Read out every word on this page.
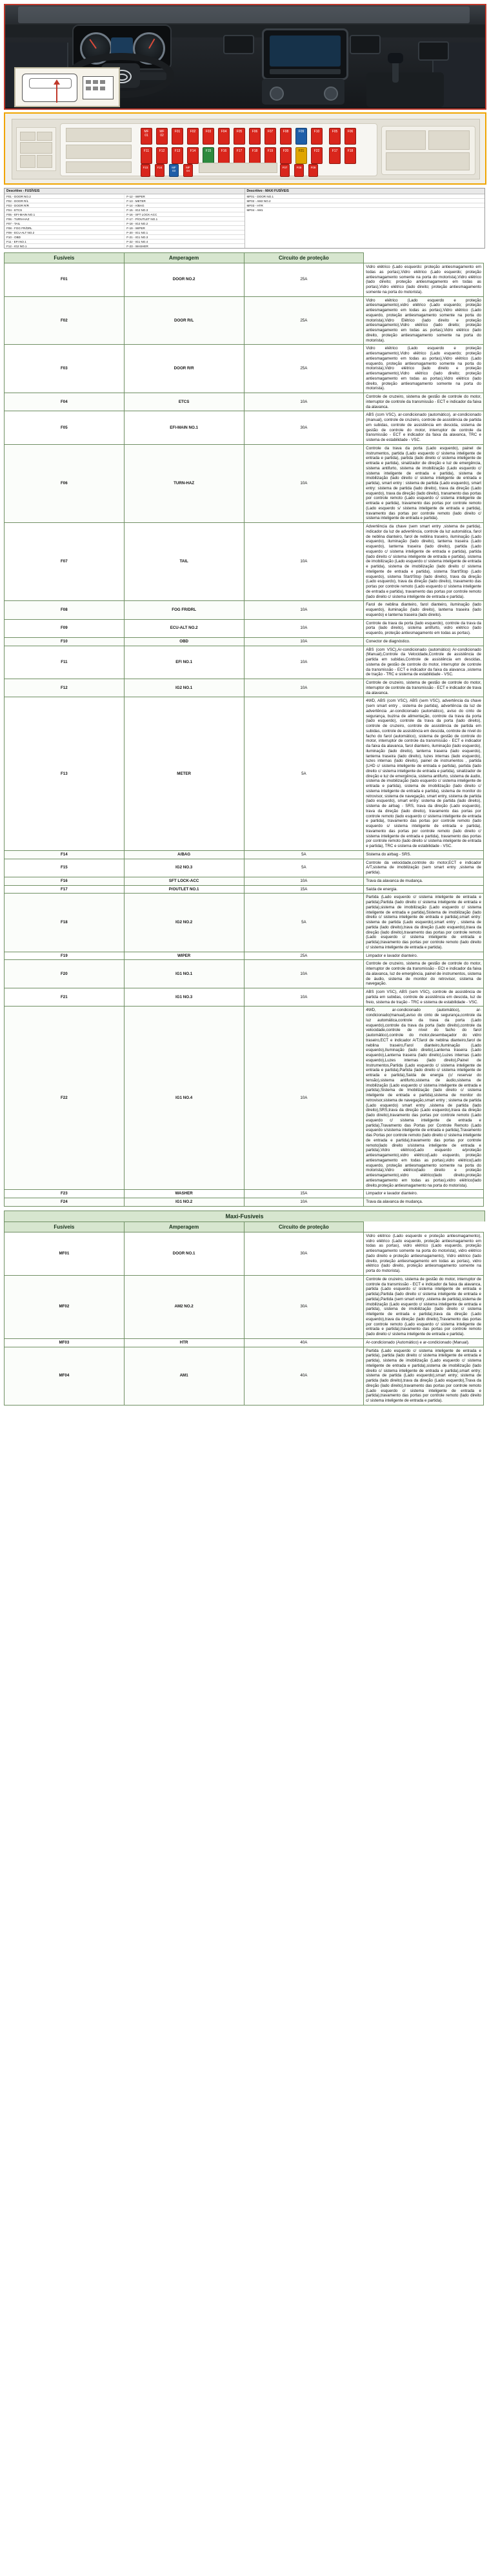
MF
01
MF
02
F01	F02	F03	F04	F05	F06	F07	F08	F09	F10
F11	F12	F13	F14	F15	F16	F17	F18	F19	F20	F21	F22
F23	F24	MF
03
MF
04
F07	F08	F09
F05	F06
F17	F18
Descritivo - FUSÍVEIS
F01 - DOOR NO.2	F-12 - WIPER
F02 - DOOR R/L	F-13 - METER
F03 - DOOR R/R	F-14 - A/BAG
F04 - ETCS	F-15 - IG2 NO.3
F05 - EFI-MAIN NO.1	F-16 - SFT LOCK-ACC
F06 - TURN-HAZ	F-17 - P/OUTLET NO.1
F07 - TAIL	F-18 - IG2 NO.2
F08 - FOG FR/DRL	F-19 - WIPER
F09 - ECU-ALT NO.2	F-20 - IG1 NO.1
F10 - OBD	F-21 - IG1 NO.3
F11 - EFI NO.1	F-22 - IG1 NO.4
F12 - IG2 NO.1	F-23 - WASHER
Descritivo - MAXI FUSÍVEIS
MF01 - DOOR NO.1
MF02 - AM2 NO.2
MF03 - HTR
MF04 - AM1
Fusíveis	Amperagem	Circuito de proteção	
F01	DOOR NO.2	25A	Vidro elétrico (Lado esquerdo: proteção antiesmagamento em todas as portas),Vidro elétrico (Lado esquerdo; proteção antiesmagamento somente na porta do motorista),Vidro elétrico (lado direito; proteção antiesmagamento em todas as portas),Vidro elétrico (lado direito; proteção antiesmagamento somente na porta do motorista).
F02	DOOR R/L	25A	Vidro elétrico (Lado esquerdo e proteção antiesmagamento),vidro elétrico (Lado esquerdo; proteção antiesmagamento em todas as portas),Vidro elétrico (Lado esquerdo, proteção antiesmagamento somente na porta do motorista),Vidro Elétrico (lado direito e proteção antiesmagamento),Vidro elétrico (lado direito; proteção antiesmagamento em todas as portas),Vidro elétrico (lado direito, proteção antiesmagamento somente na porta do motorista).
F03	DOOR R/R	25A	Vidro elétrico (Lado esquerdo e proteção antiesmagamento),Vidro elétrico (Lado esquerdo; proteção antiesmagamento em todas as portas),Vidro elétrico (Lado esquerdo, proteção antiesmagamento somente na porta do motorista),Vidro elétrico (lado direito e proteção antiesmagamento),Vidro elétrico (lado direito; proteção antiesmagamento em todas as portas),Vidro elétrico (lado direito, proteção antiesmagamento somente na porta do motorista).
F04	ETCS	10A	Controle de cruzeiro, sistema de gestão de controle do motor, interruptor de controle da transmissão - ECT e indicador da faixa da alavanca.
F05	EFI-MAIN NO.1	30A	ABS (com VSC), ar-condicionado (automático), ar-condicionado (manual), controle de cruzeiro, controle de assistência de partida em subidas, controle de assistência em descida, sistema de gestão de controle do motor, interruptor de controle da transmissão - ECT e indicador da faixa da alavanca, TRC e sistema de estabilidade - VSC.
F06	TURN-HAZ	10A	Controle da trava da porta (Lado esquerdo), painel de instrumentos, partida (Lado esquerdo c/ sistema inteligente de entrada e partida), partida (lado direito c/ sistema inteligente de entrada e partida), sinalizador de direção e luz de emergência, sistema antifurto, sistema de imobilização (Lado esquerdo c/ sistema inteligente de entrada e partida), sistema de imobilização (lado direito c/ sistema inteligente de entrada e partida), smart entry : sistema de partida (Lado esquerdo), smart entry: sistema de partida (lado direito), trava da direção (Lado esquerdo), trava da direção (lado direito), tranamento das portas por controle remoto (Lado esquerdo c/ sistema inteligente de entrada e partida), travamento das portas por controle remoto (Lado esquerdo s/ sistema inteligente de entrada e partida), travamento das portas por controle remoto (lado direito c/ sistema inteligente de entrada e partida).
F07	TAIL	10A	Advertência da chave (sem smart entry ,sistema de partida), indicador da luz de advertência, controle da luz automática, farol de neblina dianteiro, farol de neblina traseiro, iluminação (Lado esquerdo), iluminação (lado direito), lanterna traseira (Lado esquerdo), lanterna traseira (lado direito), partida (Lado esquerdo c/ sistema inteligente de entrada e partida), partida (lado direito c/ sistema inteligente de entrada e partida), sistema de imobilização (Lado esquerdo c/ sistema inteligente de entrada e partida), sistema de imobilização (lado direito c/ sistema inteligente de entrada e partida), sistema Start/Stop (Lado esquerdo), sistema Start/Stop (lado direito), trava da direção (Lado esquerdo), trava da direção (lado direito), travamento das portas por controle remoto (Lado esquerdo c/ sistema inteligente de entrada e partida), travamento das portas por controle remoto (lado direito c/ sistema inteligente de entrada e partida).
F08	FOG FR/DRL	10A	Farol de neblina dianteiro, farol dianteiro, iluminação (lado esquerdo), iluminação (lado direito), lanterna traseira (lado esquerdo) e lanterna traseira (lado direito).
F09	ECU-ALT NO.2	10A	Controle da trava da porta (lado esquerdo), controle da trava da porta (lado direito), sistema antifurto, vidro elétrico (lado esquerdo, proteção antiesmagamento em todas as portas).
F10	OBD	10A	Conector de diagnóstico.
F11	EFI NO.1	10A	ABS (com VSC),Ar-condicionado (automático) Ar-condicionado (Manual),Controle da Velocidade,Controle de assistência de partida em subidas,Controle de assistência em descidas, sistema de gestão de controle do motor, interruptor de controle da transmissão - ECT e indicador da faixa da alavanca ,sistema de tração - TRC e sistema de estabilidade - VSC.
F12	IG2 NO.1	10A	Controle de cruzeiro, sistema de gestão de controle do motor, interruptor de controle da transmissão - ECT e indicador de trava da alavanca.
F13	METER	5A	4WD, ABS (com VSC), ABS (sem VSC), advertência da chave (sem smart entry , sistema de partida), advertência da luz de advertência ,ar-condicionado (automático), aviso do cinto de segurança, buzina de alimentação, controle da trava da porta (lado esquerdo), controle da trava da porta (lado direito), controle de cruzeiro, controle de assistência de partida em subidas, controle de assistência em descida, controle de nível do facho do farol (automático), sistema de gestão de controle do motor, interruptor de controle da transmissão - ECT e indicador da faixa da alavanca, farol dianteiro, iluminação (lado esquerdo), iluminação (lado direito), lanterna traseira (lado esquerdo), lanterna traseira (lado direito), luzes internas (lado esquerdo), luzes internas (lado direito), painel de instrumentos , partida (LHD c/ sistema inteligente de entrada e partida), partida (lado direito c/ sistema inteligente de entrada e partida), sinalizador de direção e luz de emergência, sistema antifurto, sistema de áudio, sistema de imobilização (lado esquerdo c/ sistema inteligente de entrada e partida), sistema de imobilização (lado direito c/ sistema inteligente de entrada e partida), sistema de monitor do retrovisor, sistema de navegação, smart entry, sistema de partida (lado esquerdo), smart entry: sistema de partida (lado direito), sistema de airbag - SRS, trava da direção (Lado esquerdo), trava da direção (lado direito), travamento das portas por controle remoto (lado esquerdo c/ sistema inteligente de entrada e partida), travamento das portas por controle remoto (lado esquerdo s/ sistema inteligente de entrada e partida), travamento das portas por controle remoto (lado direito c/ sistema inteligente de entrada e partida), travamento das portas por controle remoto (lado direito s/ sistema inteligente de entrada e partida), TRC e sistema de estabilidade - VSC.
F14	A/BAG	5A	Sistema do airbag - SRS.
F15	IG2 NO.3	5A	Controle da velocidade,controle do motor,ECT e indicador A/T,sistema de imobilização (sem smart entry ,sistema de partida).
F16	SFT LOCK-ACC	10A	Trava da alavanca de mudança.
F17	P/OUTLET NO.1	15A	Saída de energia.
F18	IG2 NO.2	5A	Partida (Lado esquerdo c/ sistema inteligente de entrada e partida),Partida (lado direito c/ sistema inteligente de entrada e partida),sistema de imobilização (Lado esquerdo c/ sistema inteligente de entrada e partida),Sistema de imobilização (lado direito c/ sistema inteligente de entrada e partida),smart entry: sistema de partida (Lado esquerdo),smart entry , sistema de partida (lado direito),trava da direção (Lado esquerdo),trava da direção (lado direito),travamento das portas por controle remoto (Lado esquerdo c/ sistema inteligente de entrada e partida),travamento das portas por controle remoto (lado direito c/ sistema inteligente de entrada e partida).
F19	WIPER	25A	Limpador e lavador dianteiro.
F20	IG1 NO.1	10A	Controle de cruzeiro, sistema de gestão de controle do motor, interruptor de controle da transmissão - ECt e indicador da faixa da alavanca, luz de emergência, painel de instrumentos, sistema de áudio, sistema de monitor do retrovisor, sistema de navegação.
F21	IG1 NO.3	10A	ABS (com VSC), ABS (sem VSC), controle de assistência de partida em subidas, controle de assistência em descida, luz de freio, sistema de tração - TRC e sistema de estabilidade - VSC.
F22	IG1 NO.4	10A	4WD, ar-condicionado (automático), ar-condicionado(manual),aviso do cinto de segurança,controle da luz automática,controle da trava da porta (Lado esquerdo),controle da trava da porta (lado direito),controle da velocidade,controle de nível do facho do farol (automático),controle do motor,desembaçador do vidro traseiro,ECT e indicador A/T,farol de neblina dianteiro,farol de neblina traseiro,Farol dianteiro,Iluminação (Lado esquerdo),Iluminação (lado direito),Lanterna traseira (Lado esquerdo),Lanterna traseira (lado direito),Luzes internas (Lado esquerdo),Luzes internas (lado direito),Painel de Instrumentos,Partida (Lado esquerdo c/ sistema inteligente de entrada e partida),Partida (lado direito c/ sistema inteligente de entrada e partida),Saída de energia (c/ reservar do tensão),sistema antifurto,sistema de áudio,sistema de imobilização (Lado esquerdo c/ sistema inteligente de entrada e partida),Sistema de Imobilização (lado direito c/ sistema inteligente de entrada e partida),sistema de monitor do retrovisor,sistema de navegação,smart entry ; sistema de partida (Lado esquerdo) smart entry ,sistema de partida (lado direito),SRS,trava da direção (Lado esquerdo),trava da direção (lado direito),travamento das portas por controle remoto (Lado esquerdo c/ sistema inteligente de entrada e partida),Travamento das Portas por Controle Remoto (Lado esquerdo s/sistema inteligente de entrada e partida),Travamento das Portas por controle remoto (lado direito c/ sistema inteligente de entrada e partida),travamento das portas por controle remoto(lado direito s/sistema inteligente de entrada e partida),Vidro elétrico(Lado esquerdo e/proteção antiesmagamento),vidro elétrico(Lado esquerdo, proteção antiesmagamento em todas as portas),vidro elétrico(Lado esquerdo, proteção antiesmagamento somente na porta do motorista),Vidro elétrico(lado direito e proteção antiesmagamento),vidro elétrico(lado direito,proteção antiesmagamento em todas as portas),vidro elétrico(lado direito,proteção antiesmagamento na porta do motorista).
F23	WASHER	15A	Limpador e lavador dianteiro.
F24	IG1 NO.2	10A	Trava da alavanca de mudança.
Maxi-Fusíveis
Fusíveis	Amperagem	Circuito de proteção	
MF01	DOOR NO.1	30A	Vidro elétrico (Lado esquerdo e proteção antiesmagamento), vidro elétrico (Lado esquerdo, proteção antiesmagamento em todas as portas), vidro elétrico (Lado esquerdo, proteção antiesmagamento somente na porta do motorista), vidro elétrico (lado direito e proteção antiesmagamento), Vidro elétrico (lado direito, proteção antiesmagamento em todas as portas), vidro elétrico (lado direito, proteção antiesmagamento somente na porta do motorista).
MF02	AM2 NO.2	30A	Controle de cruzeiro, sistema de gestão do motor, interruptor de controle da transmissão - ECT e indicador da faixa da alavanca, partida (Lado esquerdo c/ sistema inteligente de entrada e partida),Partida (lado direito c/ sistema inteligente de entrada e partida),Partida (sem smart entry ,sistema de partida),sistema de imobilização (Lado esquerdo c/ sistema inteligente de entrada e partida), sistema de imobilização (lado direito c/ sistema inteligente de entrada e partida),trava da direção (Lado esquerdo),trava da direção (lado direito),Travamento das portas por controle remoto (Lado esquerdo c/ sistema inteligente de entrada e partida),travamento das portas por controle remoto (lado direito c/ sistema inteligente de entrada e partida).
MF03	HTR	40A	Ar-condicionado (Automático) e ar-condicionado (Manual).
MF04	AM1	40A	Partida (Lado esquerdo c/ sistema inteligente de entrada e partida), partida (lado direito c/ sistema inteligente de entrada e partida), sistema de imobilização (Lado esquerdo c/ sistema inteligente de entrada e partida),sistema de imobilização (lado direito c/ sistema inteligente de entrada e partida),smart entry; sistema de partida (Lado esquerdo),smart entry; sistema de partida (lado direito),trava da direção (Lado esquerdo),Trava da direção (lado direito),travamento das portas por controle remoto (Lado esquerdo c/ sistema inteligente de entrada e partida),travamento das portas por controle remoto (lado direito c/ sistema inteligente de entrada e partida).
